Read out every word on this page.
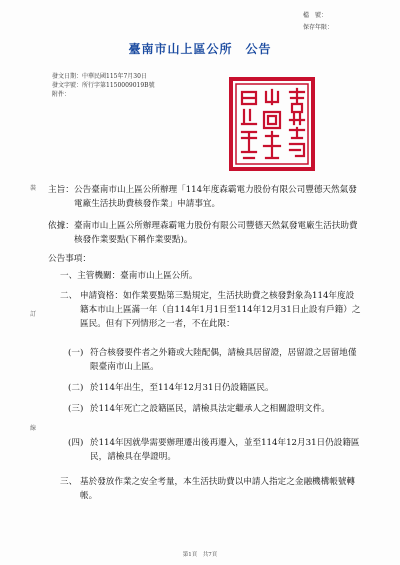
檔　號：
保存年限：
臺南市山上區公所　公告
發文日期：中華民國115年7月30日
發文字號：所行字第1150009019B號
附件：
裝
訂
線
主旨： 公告臺南市山上區公所辦理「114年度森霸電力股份有限公司豐德天然氣發電廠生活扶助費核發作業」申請事宜。
依據： 臺南市山上區公所辦理森霸電力股份有限公司豐德天然氣發電廠生活扶助費核發作業要點(下稱作業要點)。
公告事項：
一、主管機關：臺南市山上區公所。
二、 申請資格：如作業要點第三點規定，生活扶助費之核發對象為114年度設籍本市山上區滿一年（自114年1月1日至114年12月31日止設有戶籍）之區民。但有下列情形之一者，不在此限：
(一) 符合核發要件者之外籍或大陸配偶，請檢具居留證，居留證之居留地僅限臺南市山上區。
(二) 於114年出生，至114年12月31日仍設籍區民。
(三) 於114年死亡之設籍區民，請檢具法定繼承人之相關證明文件。
(四) 於114年因就學需要辦理遷出後再遷入，並至114年12月31日仍設籍區民，請檢具在學證明。
三、 基於發放作業之安全考量，本生活扶助費以申請人指定之金融機構帳號轉帳。
第1頁　共7頁
